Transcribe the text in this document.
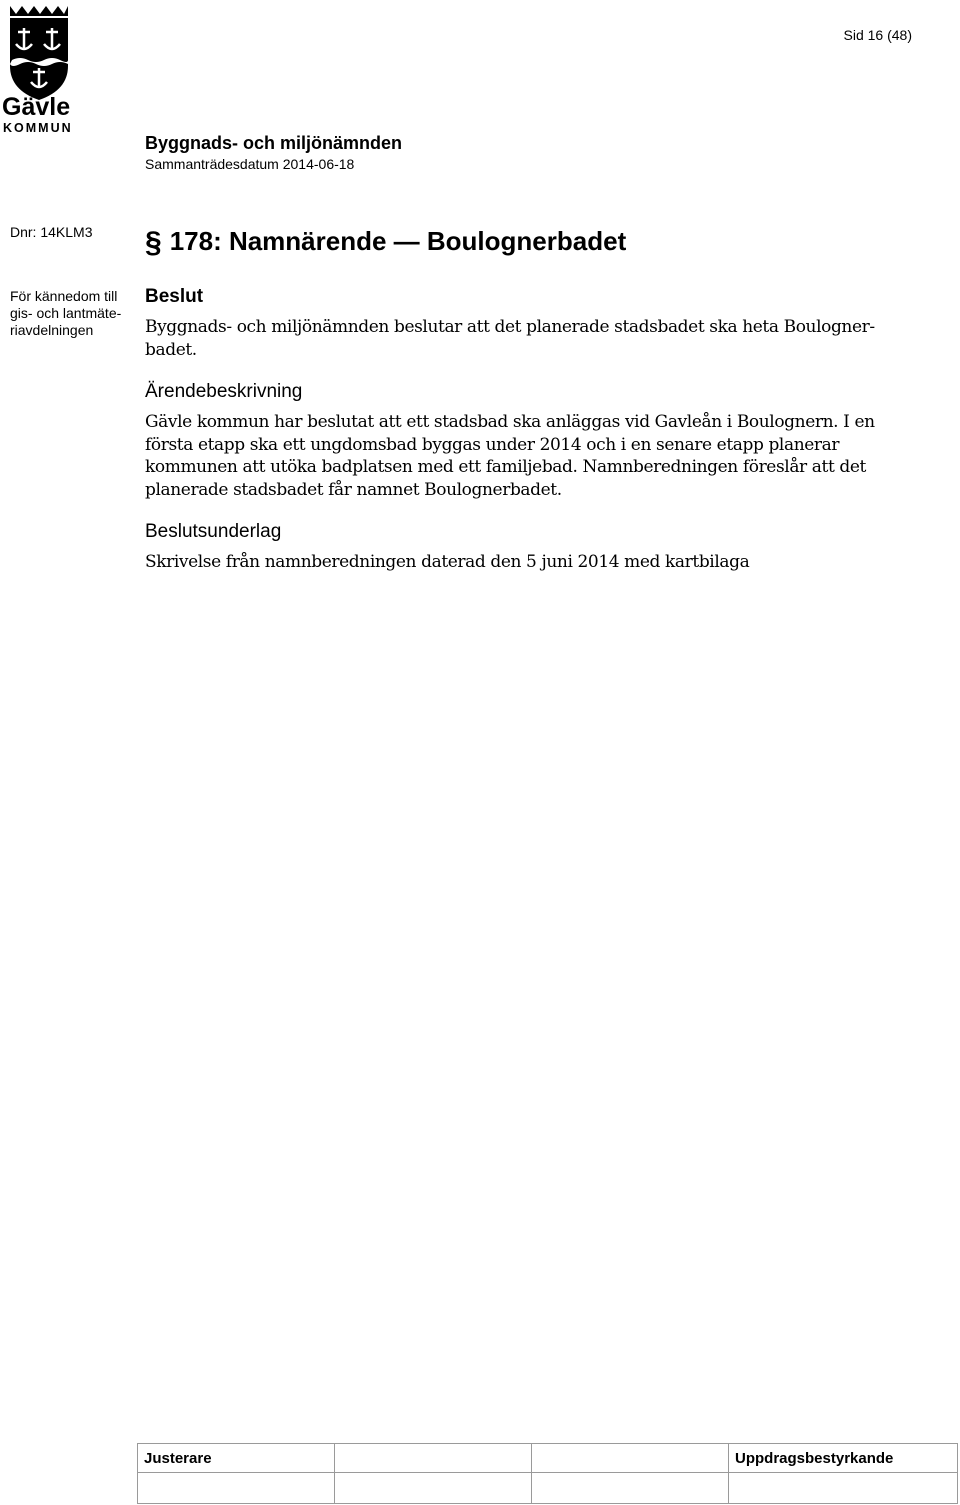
Gävle
KOMMUN
Sid 16 (48)
Byggnads- och miljönämnden
Sammanträdesdatum 2014-06-18
Dnr: 14KLM3 § 178: Namnärende — Boulognerbadet
För kännedom till
gis- och lantmäte-
riavdelningen
Beslut

Byggnads- och miljönämnden beslutar att det planerade stadsbadet ska heta Boulogner-
badet.

Ärendebeskrivning

Gävle kommun har beslutat att ett stadsbad ska anläggas vid Gavleån i Boulognern. I en
första etapp ska ett ungdomsbad byggas under 2014 och i en senare etapp planerar
kommunen att utöka badplatsen med ett familjebad. Namnberedningen föreslår att det
planerade stadsbadet får namnet Boulognerbadet.

Beslutsunderlag

Skrivelse från namnberedningen daterad den 5 juni 2014 med kartbilaga

Justerare			Uppdragsbestyrkande
